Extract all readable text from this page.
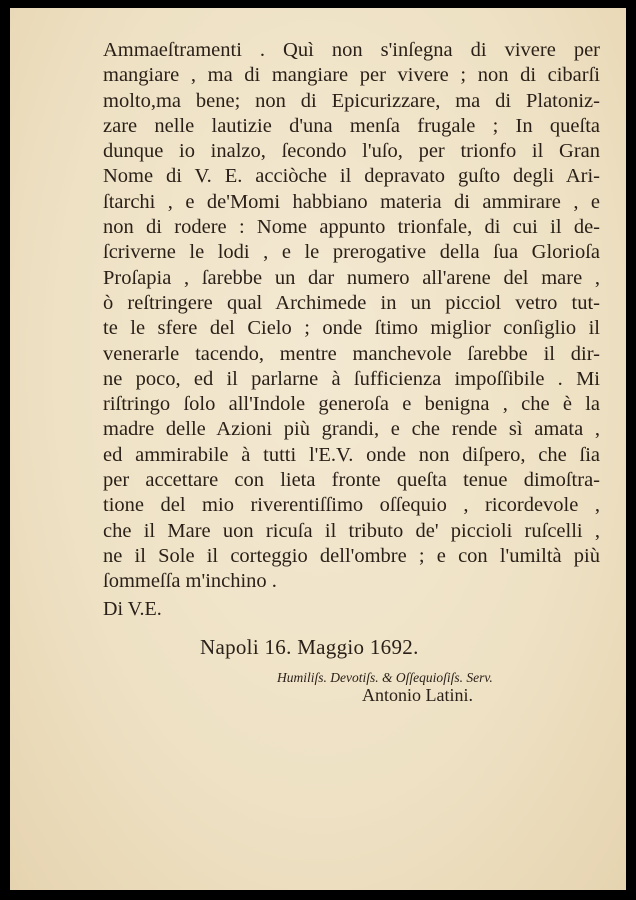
Ammaeſtramenti . Quì non s'inſegna di vivere per
mangiare , ma di mangiare per vivere ; non di cibarſi
molto,ma bene; non di Epicurizzare, ma di Platoniz-
zare nelle lautizie d'una menſa frugale ; In queſta
dunque io inalzo, ſecondo l'uſo, per trionfo il Gran
Nome di V. E. acciòche il depravato guſto degli Ari-
ſtarchi , e de'Momi habbiano materia di ammirare , e
non di rodere : Nome appunto trionfale, di cui il de-
ſcriverne le lodi , e le prerogative della ſua Glorioſa
Proſapia , ſarebbe un dar numero all'arene del mare ,
ò reſtringere qual Archimede in un picciol vetro tut-
te le sfere del Cielo ; onde ſtimo miglior conſiglio il
venerarle tacendo, mentre manchevole ſarebbe il dir-
ne poco, ed il parlarne à ſufficienza impoſſibile . Mi
riſtringo ſolo all'Indole generoſa e benigna , che è la
madre delle Azioni più grandi, e che rende sì amata ,
ed ammirabile à tutti l'E.V. onde non diſpero, che ſia
per accettare con lieta fronte queſta tenue dimoſtra-
tione del mio riverentiſſimo oſſequio , ricordevole ,
che il Mare uon ricuſa il tributo de' piccioli ruſcelli ,
ne il Sole il corteggio dell'ombre ; e con l'umiltà più
ſommeſſa m'inchino .
Di V.E.
Napoli 16. Maggio 1692.
Humiliſs. Devotiſs. & Oſſequioſiſs. Serv.
Antonio Latini.
